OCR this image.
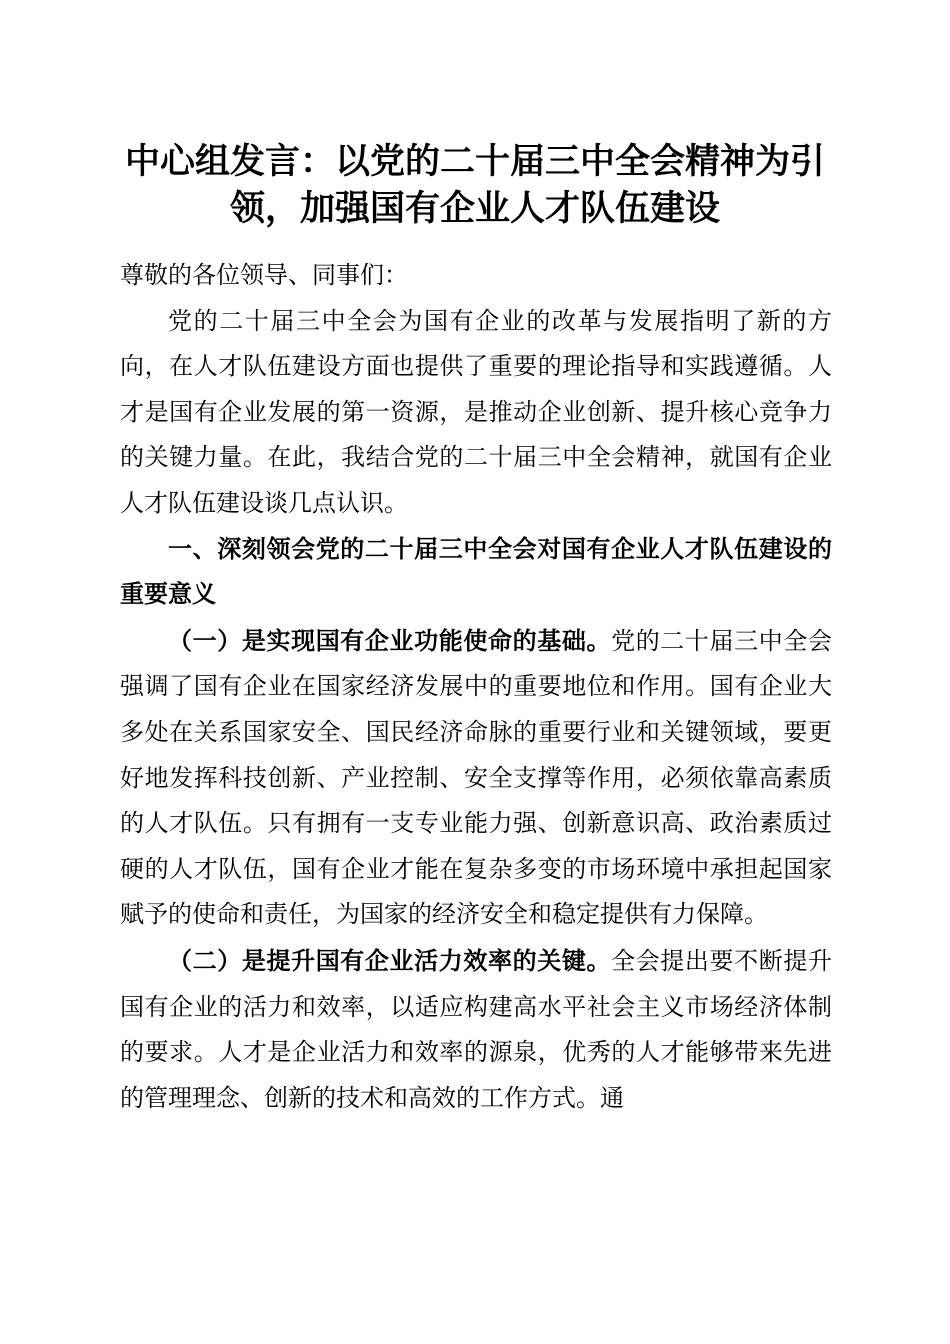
中心组发言：以党的二十届三中全会精神为引
领，加强国有企业人才队伍建设

尊敬的各位领导、同事们：

党的二十届三中全会为国有企业的改革与发展指明了新的方向，在人才队伍建设方面也提供了重要的理论指导和实践遵循。人才是国有企业发展的第一资源，是推动企业创新、提升核心竞争力的关键力量。在此，我结合党的二十届三中全会精神，就国有企业人才队伍建设谈几点认识。

一、深刻领会党的二十届三中全会对国有企业人才队伍建设的重要意义

（一）是实现国有企业功能使命的基础。党的二十届三中全会强调了国有企业在国家经济发展中的重要地位和作用。国有企业大多处在关系国家安全、国民经济命脉的重要行业和关键领域，要更好地发挥科技创新、产业控制、安全支撑等作用，必须依靠高素质的人才队伍。只有拥有一支专业能力强、创新意识高、政治素质过硬的人才队伍，国有企业才能在复杂多变的市场环境中承担起国家赋予的使命和责任，为国家的经济安全和稳定提供有力保障。

（二）是提升国有企业活力效率的关键。全会提出要不断提升国有企业的活力和效率，以适应构建高水平社会主义市场经济体制的要求。人才是企业活力和效率的源泉，优秀的人才能够带来先进的管理理念、创新的技术和高效的工作方式。通
